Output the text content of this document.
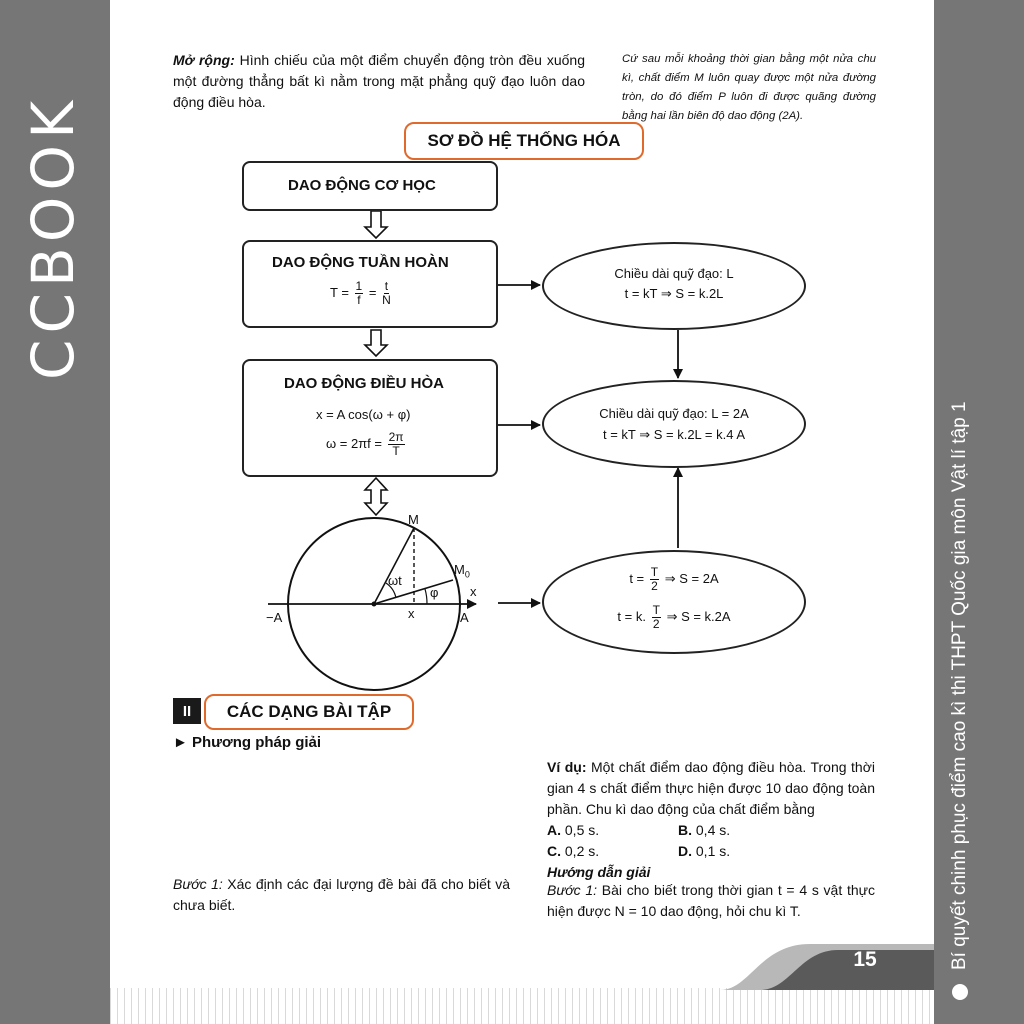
CCBOOK
Bí quyết chinh phục điểm cao kì thi THPT Quốc gia môn Vật lí tập 1
15
Mở rộng: Hình chiếu của một điểm chuyển động tròn đều xuống một đường thẳng bất kì nằm trong mặt phẳng quỹ đạo luôn dao động điều hòa.
Cứ sau mỗi khoảng thời gian bằng một nửa chu kì, chất điểm M luôn quay được một nửa đường tròn, do đó điểm P luôn đi được quãng đường bằng hai lần biên độ dao động (2A).
SƠ ĐỒ HỆ THỐNG HÓA
DAO ĐỘNG CƠ HỌC
DAO ĐỘNG TUẦN HOÀN
$T = \frac{1}{f} = \frac{t}{N}$
DAO ĐỘNG ĐIỀU HÒA
x = A cos(ω + φ)
$\omega = 2\pi f = \frac{2\pi}{T}$
Chiều dài quỹ đạo: L
t = kT ⇒ S = k.2L
Chiều dài quỹ đạo: L = 2A
t = kT ⇒ S = k.2L = k.4 A
$t = \frac{T}{2}$ ⇒ S = 2A
t = k. $\frac{T}{2}$ ⇒ S = k.2A
M
$M_0$
ωt
φ x
x	A
−A
II	CÁC DẠNG BÀI TẬP
► Phương pháp giải
Ví dụ: Một chất điểm dao động điều hòa. Trong thời gian 4 s chất điểm thực hiện được 10 dao động toàn phần. Chu kì dao động của chất điểm bằng
A. 0,5 s.	B. 0,4 s.
C. 0,2 s.	D. 0,1 s.
Hướng dẫn giải
Bước 1: Bài cho biết trong thời gian t = 4 s vật thực hiện được N = 10 dao động, hỏi chu kì T.
Bước 1: Xác định các đại lượng đề bài đã cho biết và chưa biết.
